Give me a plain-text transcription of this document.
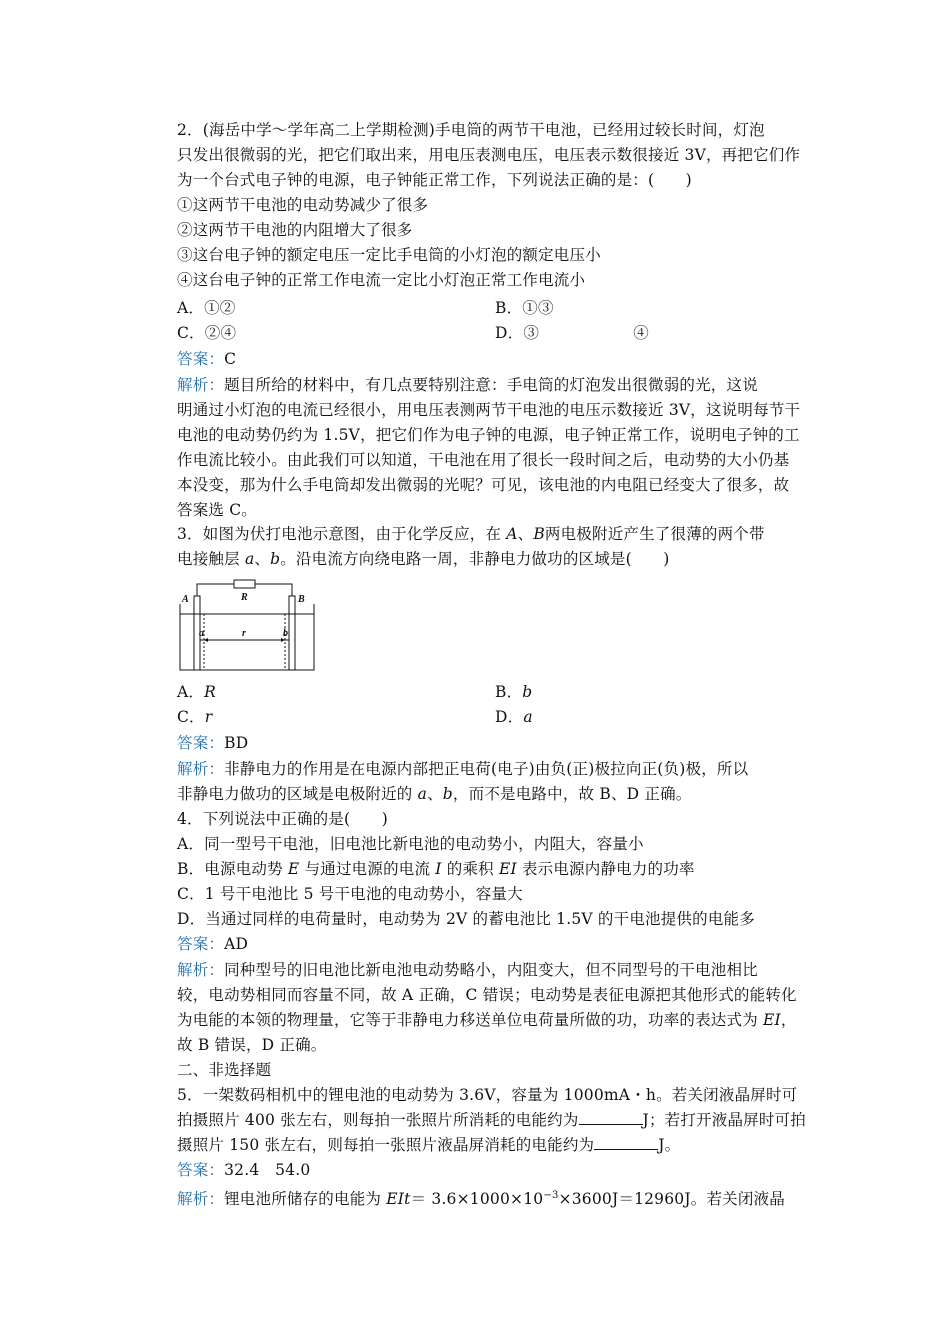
2．(海岳中学～学年高二上学期检测)手电筒的两节干电池，已经用过较长时间，灯泡
只发出很微弱的光，把它们取出来，用电压表测电压，电压表示数很接近 3V，再把它们作
为一个台式电子钟的电源，电子钟能正常工作，下列说法正确的是：(　　)
①这两节干电池的电动势减少了很多
②这两节干电池的内阻增大了很多
③这台电子钟的额定电压一定比手电筒的小灯泡的额定电压小
④这台电子钟的正常工作电流一定比小灯泡正常工作电流小
A．①②	B．①③
C．②④	D．③　　　　　　④
答案：C
解析：题目所给的材料中，有几点要特别注意：手电筒的灯泡发出很微弱的光，这说
明通过小灯泡的电流已经很小，用电压表测两节干电池的电压示数接近 3V，这说明每节干
电池的电动势仍约为 1.5V，把它们作为电子钟的电源，电子钟正常工作，说明电子钟的工
作电流比较小。由此我们可以知道，干电池在用了很长一段时间之后，电动势的大小仍基
本没变，那为什么手电筒却发出微弱的光呢？可见，该电池的内电阻已经变大了很多，故
答案选 C。
3．如图为伏打电池示意图，由于化学反应，在 A、B两电极附近产生了很薄的两个带
电接触层 a、b。沿电流方向绕电路一周，非静电力做功的区域是(　　)
A	B
R
a	r	b
A．R	B．b
C．r	D．a
答案：BD
解析：非静电力的作用是在电源内部把正电荷(电子)由负(正)极拉向正(负)极，所以
非静电力做功的区域是电极附近的 a、b，而不是电路中，故 B、D 正确。
4．下列说法中正确的是(　　)
A．同一型号干电池，旧电池比新电池的电动势小，内阻大，容量小
B．电源电动势 E 与通过电源的电流 I 的乘积 EI 表示电源内静电力的功率
C．1 号干电池比 5 号干电池的电动势小，容量大
D．当通过同样的电荷量时，电动势为 2V 的蓄电池比 1.5V 的干电池提供的电能多
答案：AD
解析：同种型号的旧电池比新电池电动势略小，内阻变大，但不同型号的干电池相比
较，电动势相同而容量不同，故 A 正确，C 错误；电动势是表征电源把其他形式的能转化
为电能的本领的物理量，它等于非静电力移送单位电荷量所做的功，功率的表达式为 EI，
故 B 错误，D 正确。
二、非选择题
5．一架数码相机中的锂电池的电动势为 3.6V，容量为 1000mA・h。若关闭液晶屏时可
拍摄照片 400 张左右，则每拍一张照片所消耗的电能约为	J；若打开液晶屏时可拍
摄照片 150 张左右，则每拍一张照片液晶屏消耗的电能约为	J。
答案：32.4　54.0
解析：锂电池所储存的电能为 $EIt= 3.6\times 1000\times 10^{-3}\times 3600J=12960J$。若关闭液晶
